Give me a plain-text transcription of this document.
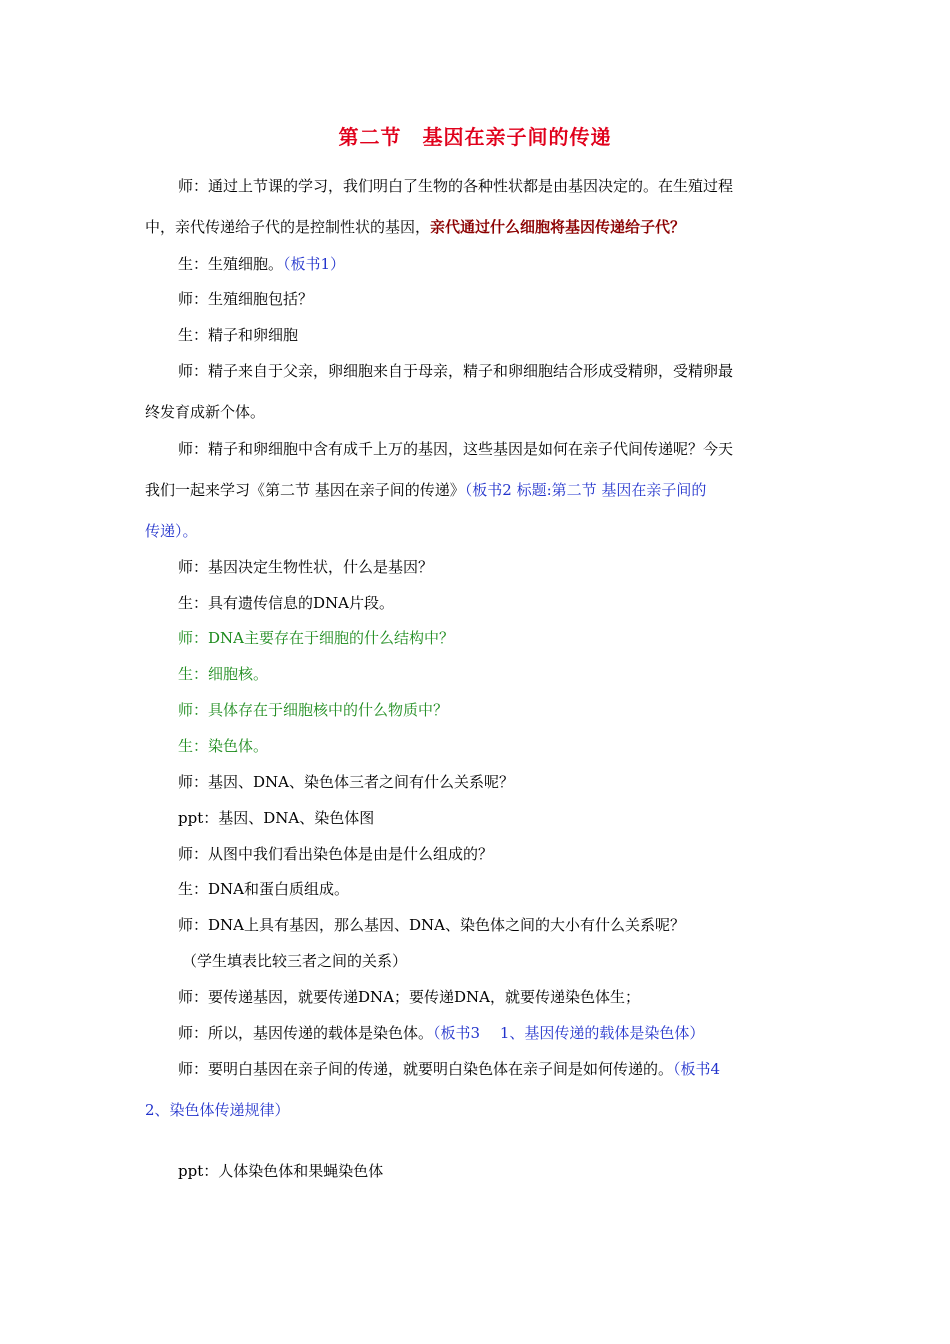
第二节　基因在亲子间的传递
师：通过上节课的学习，我们明白了生物的各种性状都是由基因决定的。在生殖过程
中，亲代传递给子代的是控制性状的基因，亲代通过什么细胞将基因传递给子代？
生：生殖细胞。（板书1）
师：生殖细胞包括？
生：精子和卵细胞
师：精子来自于父亲，卵细胞来自于母亲，精子和卵细胞结合形成受精卵，受精卵最
终发育成新个体。
师：精子和卵细胞中含有成千上万的基因，这些基因是如何在亲子代间传递呢？今天
我们一起来学习《第二节 基因在亲子间的传递》（板书2 标题:第二节 基因在亲子间的
传递）。
师：基因决定生物性状，什么是基因？
生：具有遗传信息的DNA片段。
师：DNA主要存在于细胞的什么结构中？
生：细胞核。
师：具体存在于细胞核中的什么物质中？
生：染色体。
师：基因、DNA、染色体三者之间有什么关系呢？
ppt：基因、DNA、染色体图
师：从图中我们看出染色体是由是什么组成的？
生：DNA和蛋白质组成。
师：DNA上具有基因，那么基因、DNA、染色体之间的大小有什么关系呢？
（学生填表比较三者之间的关系）
师：要传递基因，就要传递DNA；要传递DNA，就要传递染色体生；
师：所以，基因传递的载体是染色体。（板书3　 1、基因传递的载体是染色体）
师：要明白基因在亲子间的传递，就要明白染色体在亲子间是如何传递的。（板书4
2、染色体传递规律）
ppt：人体染色体和果蝇染色体
